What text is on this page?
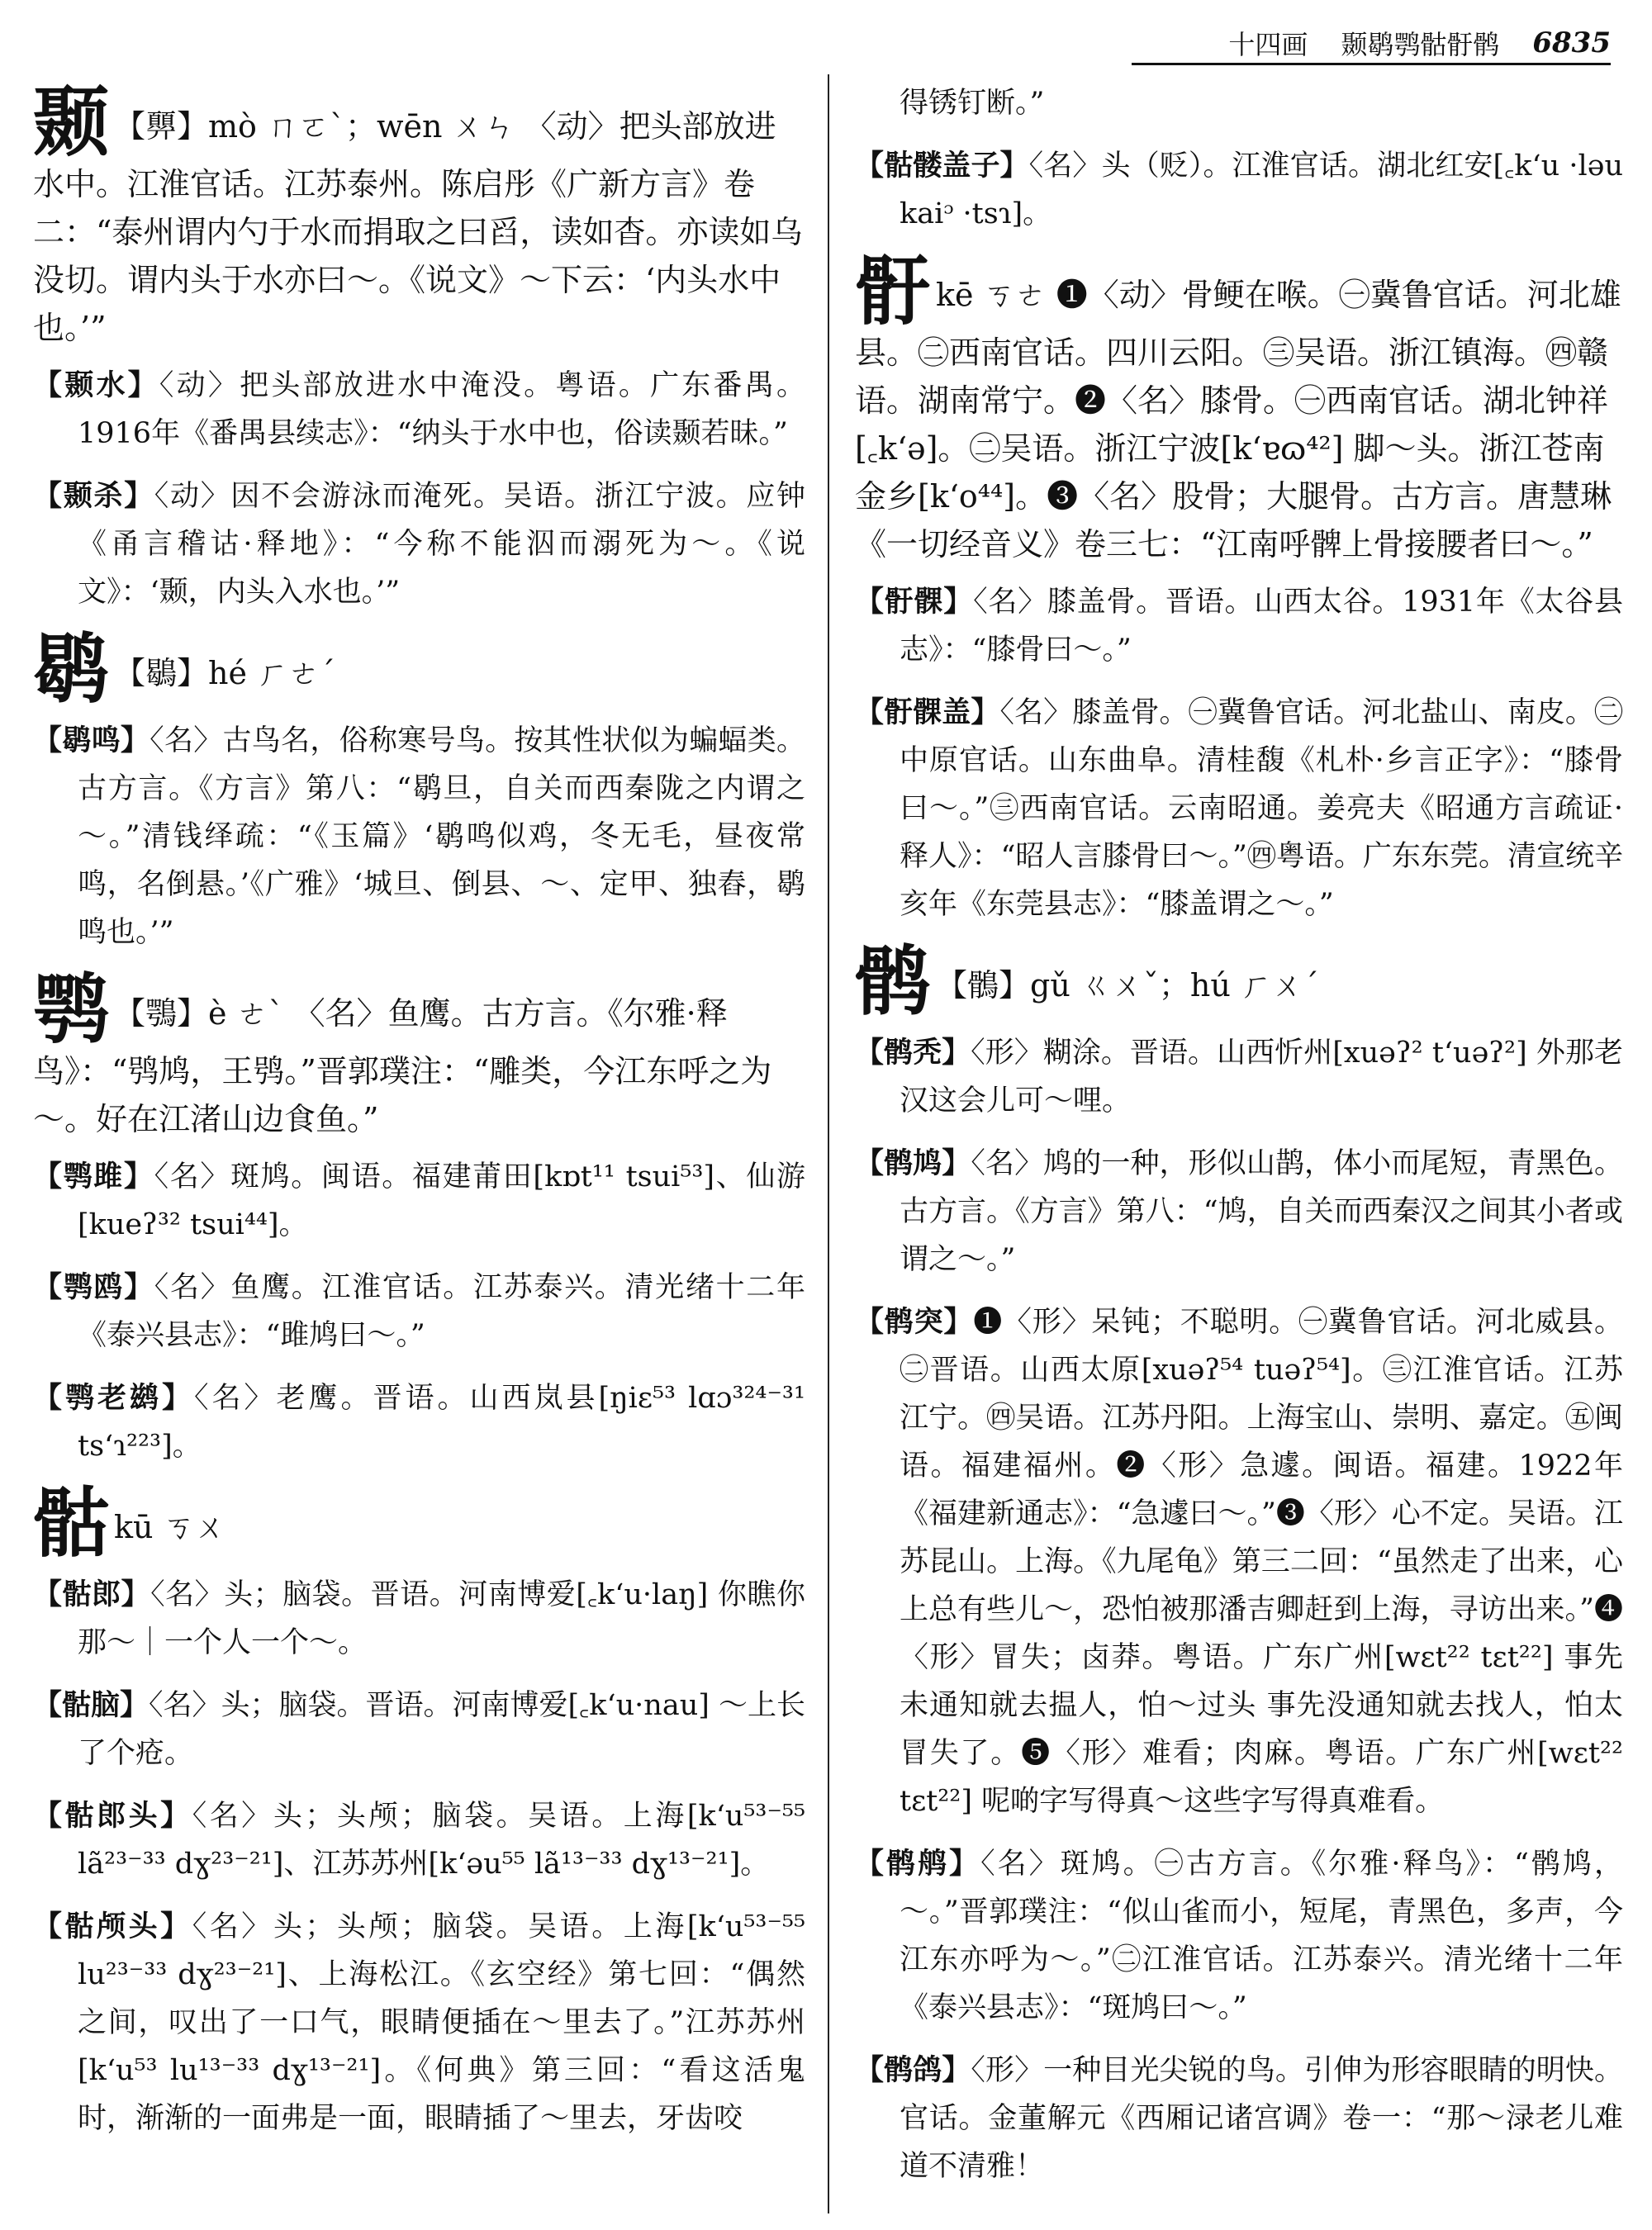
十四画 颞鹖鹗骷骬鹘 6835
颞 【顨】mò ㄇㄛˋ；wēn ㄨㄣ 〈动〉把头部放进水中。江淮官话。江苏泰州。陈启彤《广新方言》卷二：“泰州谓内勺于水而捐取之曰舀，读如杳。亦读如乌没切。谓内头于水亦曰～。《说文》～下云：‘内头水中也。’”
【颞水】〈动〉把头部放进水中淹没。粤语。广东番禺。1916年《番禺县续志》：“纳头于水中也，俗读颞若昧。”
【颞杀】〈动〉因不会游泳而淹死。吴语。浙江宁波。应钟《甬言稽诂·释地》：“今称不能泅而溺死为～。《说文》：‘颞，内头入水也。’”
鹖 【鶡】hé ㄏㄜˊ
【鹖鸣】〈名〉古鸟名，俗称寒号鸟。按其性状似为蝙蝠类。古方言。《方言》第八：“鹖旦，自关而西秦陇之内谓之～。”清钱绎疏：“《玉篇》‘鹖鸣似鸡，冬无毛，昼夜常鸣，名倒悬。’《广雅》‘城旦、倒县、～、定甲、独舂，鹖鸣也。’”
鹗 【鶚】è ㄜˋ 〈名〉鱼鹰。古方言。《尔雅·释鸟》：“鸮鸠，王鸮。”晋郭璞注：“雕类，今江东呼之为～。好在江渚山边食鱼。”
【鹗雎】〈名〉斑鸠。闽语。福建莆田[kɒt¹¹ tsui⁵³]、仙游[kueʔ³² tsui⁴⁴]。
【鹗鸥】〈名〉鱼鹰。江淮官话。江苏泰兴。清光绪十二年《泰兴县志》：“雎鸠曰～。”
【鹗老鹚】〈名〉老鹰。晋语。山西岚县[ŋiɛ⁵³ lɑɔ³²⁴⁻³¹ tsʻɿ²²³]。
骷kū ㄎㄨ
【骷郎】〈名〉头；脑袋。晋语。河南博爱[꜀kʻu·laŋ] 你瞧你那～｜一个人一个～。
【骷脑】〈名〉头；脑袋。晋语。河南博爱[꜀kʻu·nau] ～上长了个疮。
【骷郎头】〈名〉头；头颅；脑袋。吴语。上海[kʻu⁵³⁻⁵⁵ lã²³⁻³³ dɣ²³⁻²¹]、江苏苏州[kʻəu⁵⁵ lã¹³⁻³³ dɣ¹³⁻²¹]。
【骷颅头】〈名〉头；头颅；脑袋。吴语。上海[kʻu⁵³⁻⁵⁵ lu²³⁻³³ dɣ²³⁻²¹]、上海松江。《玄空经》第七回：“偶然之间，叹出了一口气，眼睛便插在～里去了。”江苏苏州[kʻu⁵³ lu¹³⁻³³ dɣ¹³⁻²¹]。《何典》第三回：“看这活鬼时，渐渐的一面弗是一面，眼睛插了～里去，牙齿咬
得锈钉断。”
【骷髅盖子】〈名〉头（贬）。江淮官话。湖北红安[꜀kʻu ·ləu kaiᵓ ·tsɿ]。
骬kē ㄎㄜ ❶〈动〉骨鲠在喉。㊀冀鲁官话。河北雄县。㊁西南官话。四川云阳。㊂吴语。浙江镇海。㊃赣语。湖南常宁。❷〈名〉膝骨。㊀西南官话。湖北钟祥[꜀kʻə]。㊁吴语。浙江宁波[kʻɐɷ⁴²] 脚～头。浙江苍南金乡[kʻo⁴⁴]。❸〈名〉股骨；大腿骨。古方言。唐慧琳《一切经音义》卷三七：“江南呼髀上骨接腰者曰～。”
【骬髁】〈名〉膝盖骨。晋语。山西太谷。1931年《太谷县志》：“膝骨曰～。”
【骬髁盖】〈名〉膝盖骨。㊀冀鲁官话。河北盐山、南皮。㊁中原官话。山东曲阜。清桂馥《札朴·乡言正字》：“膝骨曰～。”㊂西南官话。云南昭通。姜亮夫《昭通方言疏证·释人》：“昭人言膝骨曰～。”㊃粤语。广东东莞。清宣统辛亥年《东莞县志》：“膝盖谓之～。”
鹘 【鶻】gǔ ㄍㄨˇ；hú ㄏㄨˊ
【鹘秃】〈形〉糊涂。晋语。山西忻州[xuəʔ² tʻuəʔ²] 外那老汉这会儿可～哩。
【鹘鸠】〈名〉鸠的一种，形似山鹊，体小而尾短，青黑色。古方言。《方言》第八：“鸠，自关而西秦汉之间其小者或谓之～。”
【鹘突】❶〈形〉呆钝；不聪明。㊀冀鲁官话。河北威县。㊁晋语。山西太原[xuəʔ⁵⁴ tuəʔ⁵⁴]。㊂江淮官话。江苏江宁。㊃吴语。江苏丹阳。上海宝山、崇明、嘉定。㊄闽语。福建福州。❷〈形〉急遽。闽语。福建。1922年《福建新通志》：“急遽曰～。”❸〈形〉心不定。吴语。江苏昆山。上海。《九尾龟》第三二回：“虽然走了出来，心上总有些儿～，恐怕被那潘吉卿赶到上海，寻访出来。”❹〈形〉冒失；卤莽。粤语。广东广州[wɛt²² tɛt²²] 事先未通知就去揾人，怕～过头 事先没通知就去找人，怕太冒失了。❺〈形〉难看；肉麻。粤语。广东广州[wɛt²² tɛt²²] 呢啲字写得真～这些字写得真难看。
【鹘鸼】〈名〉斑鸠。㊀古方言。《尔雅·释鸟》：“鹘鸠，～。”晋郭璞注：“似山雀而小，短尾，青黑色，多声，今江东亦呼为～。”㊁江淮官话。江苏泰兴。清光绪十二年《泰兴县志》：“斑鸠曰～。”
【鹘鸽】〈形〉一种目光尖锐的鸟。引伸为形容眼睛的明快。官话。金董解元《西厢记诸宫调》卷一：“那～渌老儿难道不清雅！
